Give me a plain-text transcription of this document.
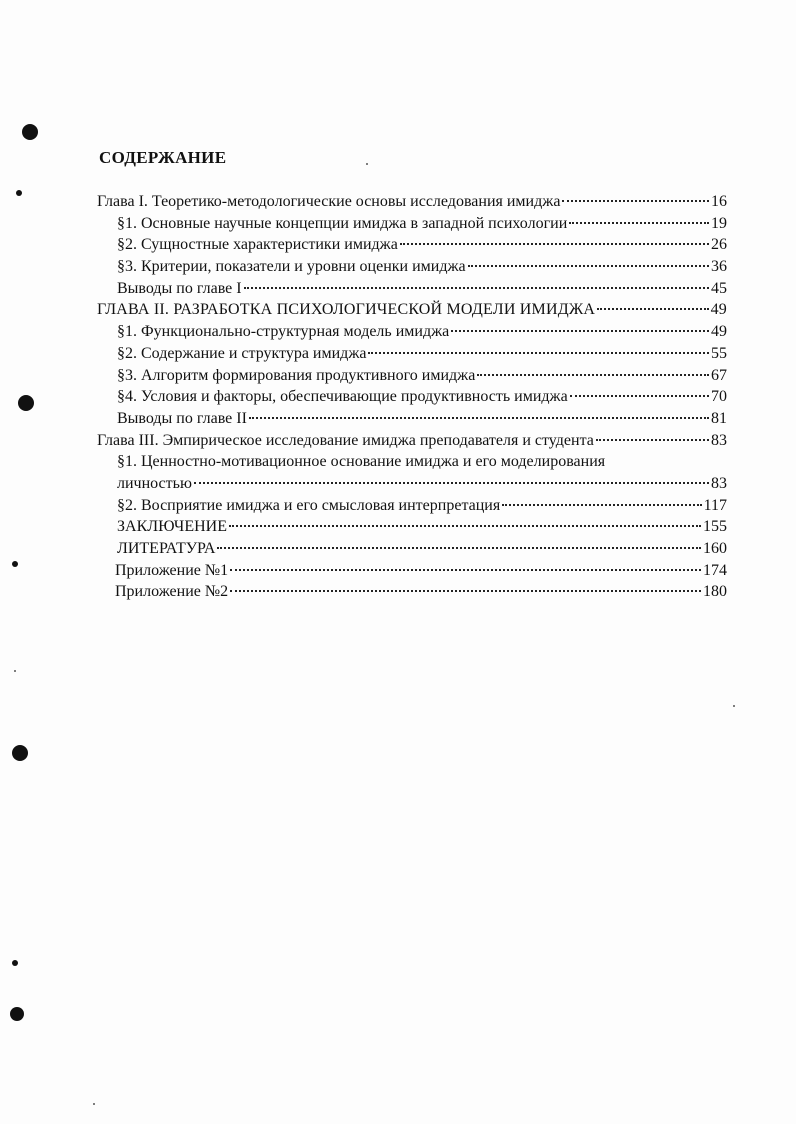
СОДЕРЖАНИЕ
Глава I. Теоретико-методологические основы исследования имиджа	16
§1. Основные научные концепции имиджа в западной психологии	19
§2. Сущностные характеристики имиджа	26
§3. Критерии, показатели и уровни оценки имиджа	36
Выводы по главе I	45
ГЛАВА II. РАЗРАБОТКА ПСИХОЛОГИЧЕСКОЙ МОДЕЛИ ИМИДЖА	49
§1. Функционально-структурная модель имиджа	49
§2. Содержание и структура имиджа	55
§3. Алгоритм формирования продуктивного имиджа	67
§4. Условия и факторы, обеспечивающие продуктивность имиджа	70
Выводы по главе II	81
Глава III. Эмпирическое исследование имиджа преподавателя и студента	83
§1. Ценностно-мотивационное основание имиджа и его моделирования
личностью	83
§2. Восприятие имиджа и его смысловая интерпретация	117
ЗАКЛЮЧЕНИЕ	155
ЛИТЕРАТУРА	160
Приложение №1	174
Приложение №2	180
